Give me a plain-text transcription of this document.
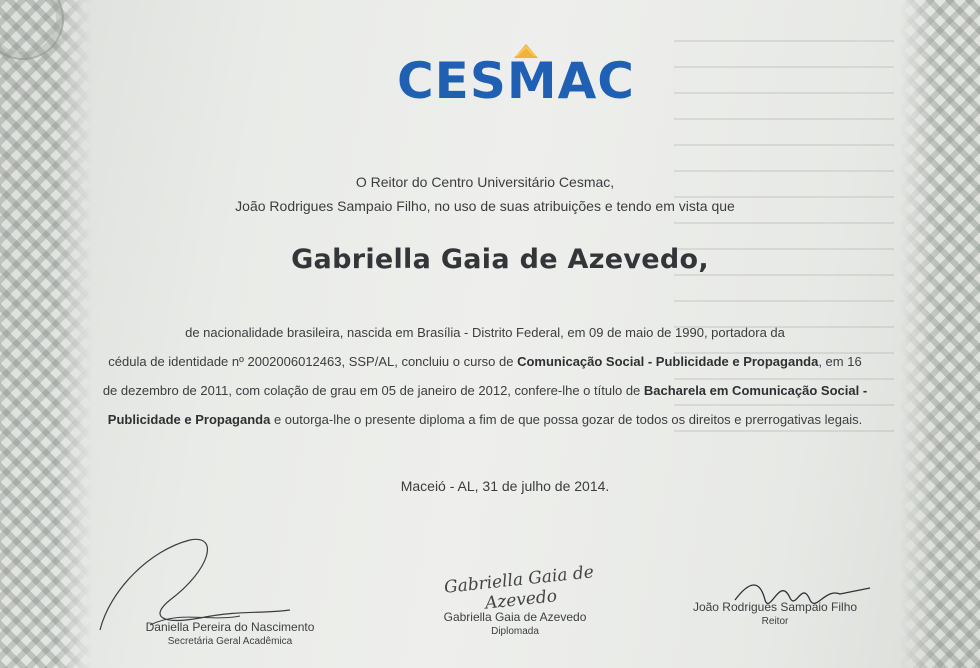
CESMAC
O Reitor do Centro Universitário Cesmac,
João Rodrigues Sampaio Filho, no uso de suas atribuições e tendo em vista que
Gabriella Gaia de Azevedo,
de nacionalidade brasileira, nascida em Brasília - Distrito Federal, em 09 de maio de 1990, portadora da
cédula de identidade nº 2002006012463, SSP/AL, concluiu o curso de Comunicação Social - Publicidade e Propaganda, em 16
de dezembro de 2011, com colação de grau em 05 de janeiro de 2012, confere-lhe o título de Bacharela em Comunicação Social -
Publicidade e Propaganda e outorga-lhe o presente diploma a fim de que possa gozar de todos os direitos e prerrogativas legais.
Maceió - AL, 31 de julho de 2014.
Daniella Pereira do Nascimento
Secretária Geral Acadêmica
Gabriella Gaia de Azevedo
Gabriella Gaia de Azevedo
Diplomada
João Rodrigues Sampaio Filho
Reitor
